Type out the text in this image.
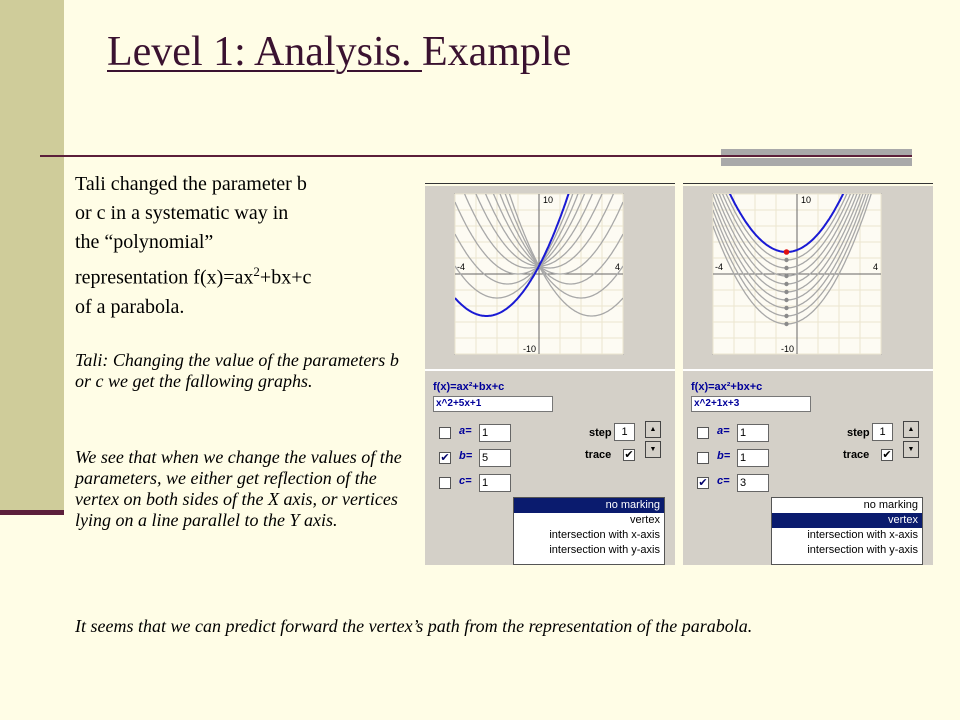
Level 1: Analysis. Example
Tali changed the parameter b
or c in a systematic way in
the “polynomial”
representation $f(x)=ax^2+bx+c$
of a parabola.
Tali: Changing the value of the parameters b or c we get the fallowing graphs.
We see that when we change the values of the parameters, we either get reflection of the vertex on both sides of the X axis, or vertices lying on a line parallel to the Y axis.
It seems that we can predict forward the vertex’s path from the representation of the parabola.
10
-10
-4	4
f(x)=ax²+bx+c
x^2+5x+1
a= 1
✔ b= 5
c= 1
step 1
trace ✔
▲
▼
no marking
vertex
intersection with x-axis
intersection with y-axis
10
-10
-4	4
f(x)=ax²+bx+c
x^2+1x+3
a= 1
b= 1
✔ c= 3
step 1
trace ✔
▲
▼
no marking
vertex
intersection with x-axis
intersection with y-axis
